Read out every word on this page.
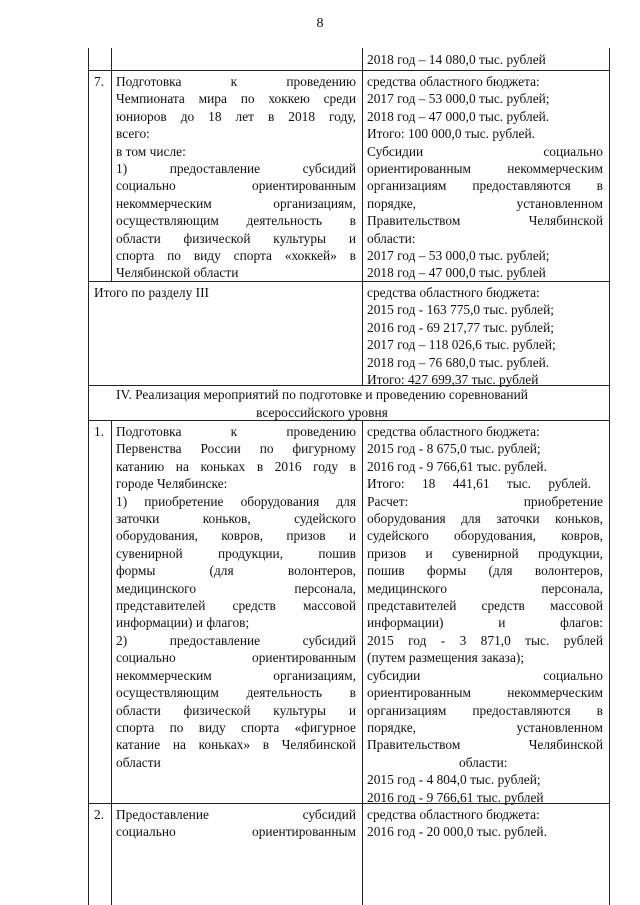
8
2018 год – 14 080,0 тыс. рублей
7. Подготовка к проведению
Чемпионата мира по хоккею среди
юниоров до 18 лет в 2018 году,
всего:
в том числе:
1) предоставление субсидий
социально ориентированным
некоммерческим организациям,
осуществляющим деятельность в
области физической культуры и
спорта по виду спорта «хоккей» в
Челябинской области
средства областного бюджета:
2017 год – 53 000,0 тыс. рублей;
2018 год – 47 000,0 тыс. рублей.
Итого: 100 000,0 тыс. рублей.
Субсидии социально
ориентированным некоммерческим
организациям предоставляются в
порядке, установленном
Правительством Челябинской
области:
2017 год – 53 000,0 тыс. рублей;
2018 год – 47 000,0 тыс. рублей
Итого по разделу III	средства областного бюджета:
2015 год - 163 775,0 тыс. рублей;
2016 год - 69 217,77 тыс. рублей;
2017 год – 118 026,6 тыс. рублей;
2018 год – 76 680,0 тыс. рублей.
Итого: 427 699,37 тыс. рублей
IV. Реализация мероприятий по подготовке и проведению соревнований
всероссийского уровня
1. Подготовка к проведению
Первенства России по фигурному
катанию на коньках в 2016 году в
городе Челябинске:
1) приобретение оборудования для
заточки коньков, судейского
оборудования, ковров, призов и
сувенирной продукции, пошив
формы (для волонтеров,
медицинского персонала,
представителей средств массовой
информации) и флагов;
2) предоставление субсидий
социально ориентированным
некоммерческим организациям,
осуществляющим деятельность в
области физической культуры и
спорта по виду спорта «фигурное
катание на коньках» в Челябинской
области
средства областного бюджета:
2015 год - 8 675,0 тыс. рублей;
2016 год - 9 766,61 тыс. рублей.
Итого: 18 441,61 тыс. рублей.
Расчет: приобретение
оборудования для заточки коньков,
судейского оборудования, ковров,
призов и сувенирной продукции,
пошив формы (для волонтеров,
медицинского персонала,
представителей средств массовой
информации) и флагов:
2015 год - 3 871,0 тыс. рублей
(путем размещения заказа);
субсидии социально
ориентированным некоммерческим
организациям предоставляются в
порядке, установленном
Правительством Челябинской
области:
2015 год - 4 804,0 тыс. рублей;
2016 год - 9 766,61 тыс. рублей
2. Предоставление субсидий
социально ориентированным
средства областного бюджета:
2016 год - 20 000,0 тыс. рублей.
